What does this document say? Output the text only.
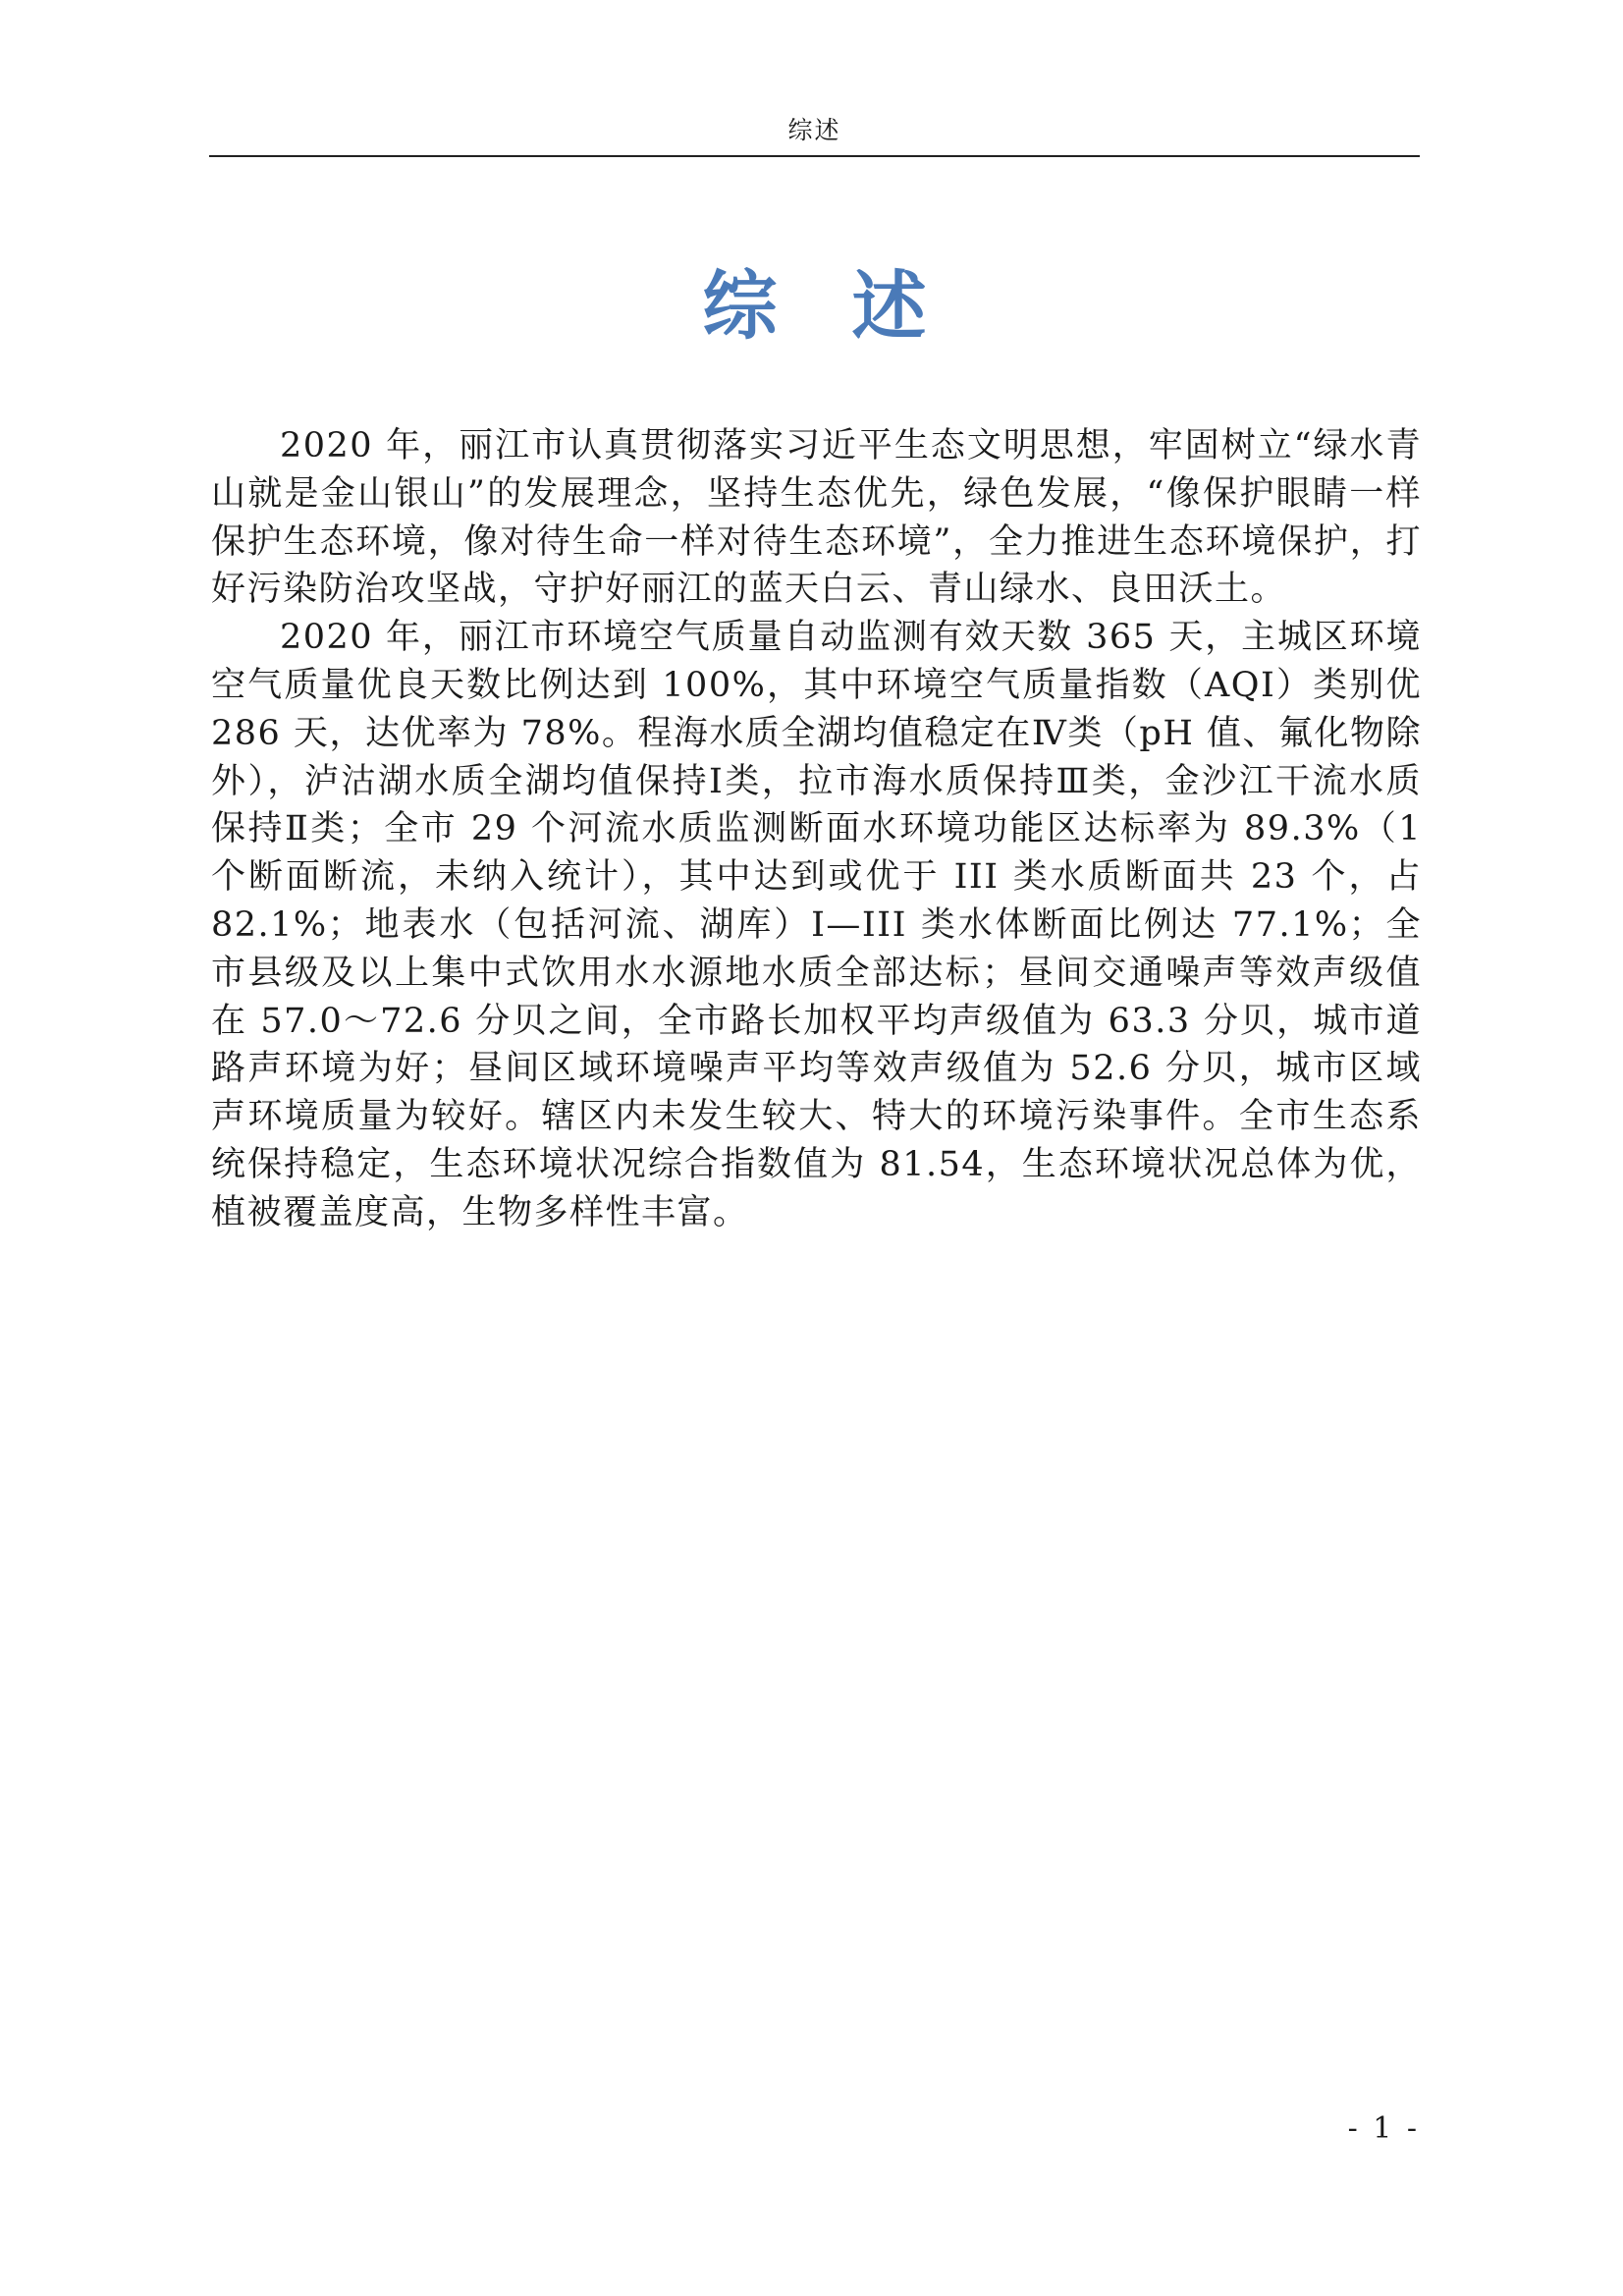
综述
综 述

2020 年，丽江市认真贯彻落实习近平生态文明思想，牢固树立“绿水青山就是金山银山”的发展理念，坚持生态优先，绿色发展，“像保护眼睛一样保护生态环境，像对待生命一样对待生态环境”，全力推进生态环境保护，打好污染防治攻坚战，守护好丽江的蓝天白云、青山绿水、良田沃土。

2020 年，丽江市环境空气质量自动监测有效天数 365 天，主城区环境空气质量优良天数比例达到 100%，其中环境空气质量指数（AQI）类别优 286 天，达优率为 78%。程海水质全湖均值稳定在Ⅳ类（pH 值、氟化物除外），泸沽湖水质全湖均值保持Ⅰ类，拉市海水质保持Ⅲ类，金沙江干流水质保持Ⅱ类；全市 29 个河流水质监测断面水环境功能区达标率为 89.3%（1 个断面断流，未纳入统计），其中达到或优于 III 类水质断面共 23 个，占 82.1%；地表水（包括河流、湖库）I—III 类水体断面比例达 77.1%；全市县级及以上集中式饮用水水源地水质全部达标；昼间交通噪声等效声级值在 57.0～72.6 分贝之间，全市路长加权平均声级值为 63.3 分贝，城市道路声环境为好；昼间区域环境噪声平均等效声级值为 52.6 分贝，城市区域声环境质量为较好。辖区内未发生较大、特大的环境污染事件。全市生态系统保持稳定，生态环境状况综合指数值为 81.54，生态环境状况总体为优，植被覆盖度高，生物多样性丰富。

- 1 -
